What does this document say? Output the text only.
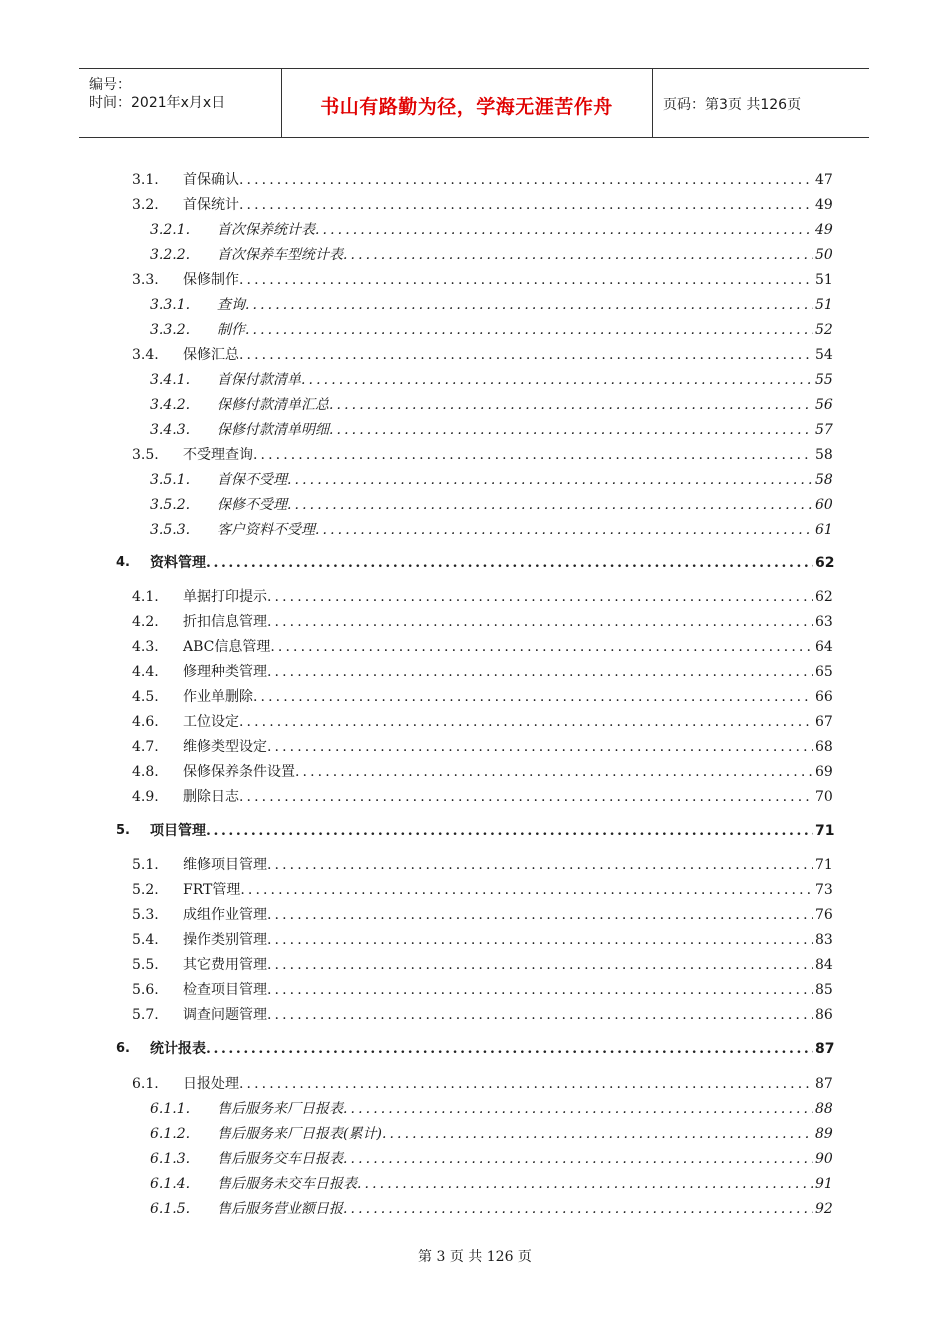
编号：
时间：2021年x月x日	书山有路勤为径，学海无涯苦作舟	页码：第3页 共126页
3.1. 首保确认 .....	47
3.2. 首保统计 .....	49
3.2.1. 首次保养统计表 .....	49
3.2.2. 首次保养车型统计表 .....	50
3.3. 保修制作 .....	51
3.3.1. 查询 .....	51
3.3.2. 制作 .....	52
3.4. 保修汇总 .....	54
3.4.1. 首保付款清单 .....	55
3.4.2. 保修付款清单汇总 .....	56
3.4.3. 保修付款清单明细 .....	57
3.5. 不受理查询 .....	58
3.5.1. 首保不受理 .....	58
3.5.2. 保修不受理 .....	60
3.5.3. 客户资料不受理 .....	61
4. 资料管理 .....	62
4.1. 单据打印提示 .....	62
4.2. 折扣信息管理 .....	63
4.3. ABC信息管理 .....	64
4.4. 修理种类管理 .....	65
4.5. 作业单删除 .....	66
4.6. 工位设定 .....	67
4.7. 维修类型设定 .....	68
4.8. 保修保养条件设置 .....	69
4.9. 删除日志 .....	70
5. 项目管理 .....	71
5.1. 维修项目管理 .....	71
5.2. FRT管理 .....	73
5.3. 成组作业管理 .....	76
5.4. 操作类别管理 .....	83
5.5. 其它费用管理 .....	84
5.6. 检查项目管理 .....	85
5.7. 调查问题管理 .....	86
6. 统计报表 .....	87
6.1. 日报处理 .....	87
6.1.1. 售后服务来厂日报表 .....	88
6.1.2. 售后服务来厂日报表(累计) .....	89
6.1.3. 售后服务交车日报表 .....	90
6.1.4. 售后服务未交车日报表 .....	91
6.1.5. 售后服务营业额日报 .....	92
第 3 页 共 126 页
